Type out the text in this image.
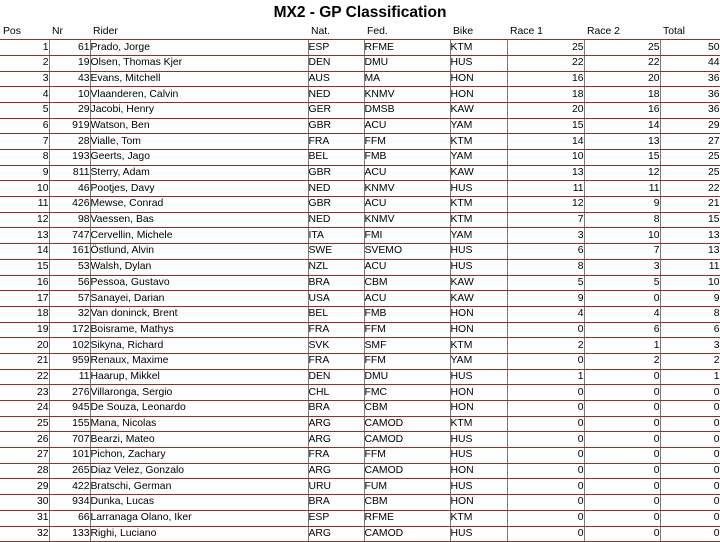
MX2 - GP Classification
Pos	Nr	Rider	Nat.	Fed.	Bike	Race 1	Race 2	Total
1	61	Prado, Jorge	ESP	RFME	KTM	25	25	50
2	19	Olsen, Thomas Kjer	DEN	DMU	HUS	22	22	44
3	43	Evans, Mitchell	AUS	MA	HON	16	20	36
4	10	Vlaanderen, Calvin	NED	KNMV	HON	18	18	36
5	29	Jacobi, Henry	GER	DMSB	KAW	20	16	36
6	919	Watson, Ben	GBR	ACU	YAM	15	14	29
7	28	Vialle, Tom	FRA	FFM	KTM	14	13	27
8	193	Geerts, Jago	BEL	FMB	YAM	10	15	25
9	811	Sterry, Adam	GBR	ACU	KAW	13	12	25
10	46	Pootjes, Davy	NED	KNMV	HUS	11	11	22
11	426	Mewse, Conrad	GBR	ACU	KTM	12	9	21
12	98	Vaessen, Bas	NED	KNMV	KTM	7	8	15
13	747	Cervellin, Michele	ITA	FMI	YAM	3	10	13
14	161	Östlund, Alvin	SWE	SVEMO	HUS	6	7	13
15	53	Walsh, Dylan	NZL	ACU	HUS	8	3	11
16	56	Pessoa, Gustavo	BRA	CBM	KAW	5	5	10
17	57	Sanayei, Darian	USA	ACU	KAW	9	0	9
18	32	Van doninck, Brent	BEL	FMB	HON	4	4	8
19	172	Boisrame, Mathys	FRA	FFM	HON	0	6	6
20	102	Sikyna, Richard	SVK	SMF	KTM	2	1	3
21	959	Renaux, Maxime	FRA	FFM	YAM	0	2	2
22	11	Haarup, Mikkel	DEN	DMU	HUS	1	0	1
23	276	Villaronga, Sergio	CHL	FMC	HON	0	0	0
24	945	De Souza, Leonardo	BRA	CBM	HON	0	0	0
25	155	Mana, Nicolas	ARG	CAMOD	KTM	0	0	0
26	707	Bearzi, Mateo	ARG	CAMOD	HUS	0	0	0
27	101	Pichon, Zachary	FRA	FFM	HUS	0	0	0
28	265	Diaz Velez, Gonzalo	ARG	CAMOD	HON	0	0	0
29	422	Bratschi, German	URU	FUM	HUS	0	0	0
30	934	Dunka, Lucas	BRA	CBM	HON	0	0	0
31	66	Larranaga Olano, Iker	ESP	RFME	KTM	0	0	0
32	133	Righi, Luciano	ARG	CAMOD	HUS	0	0	0
